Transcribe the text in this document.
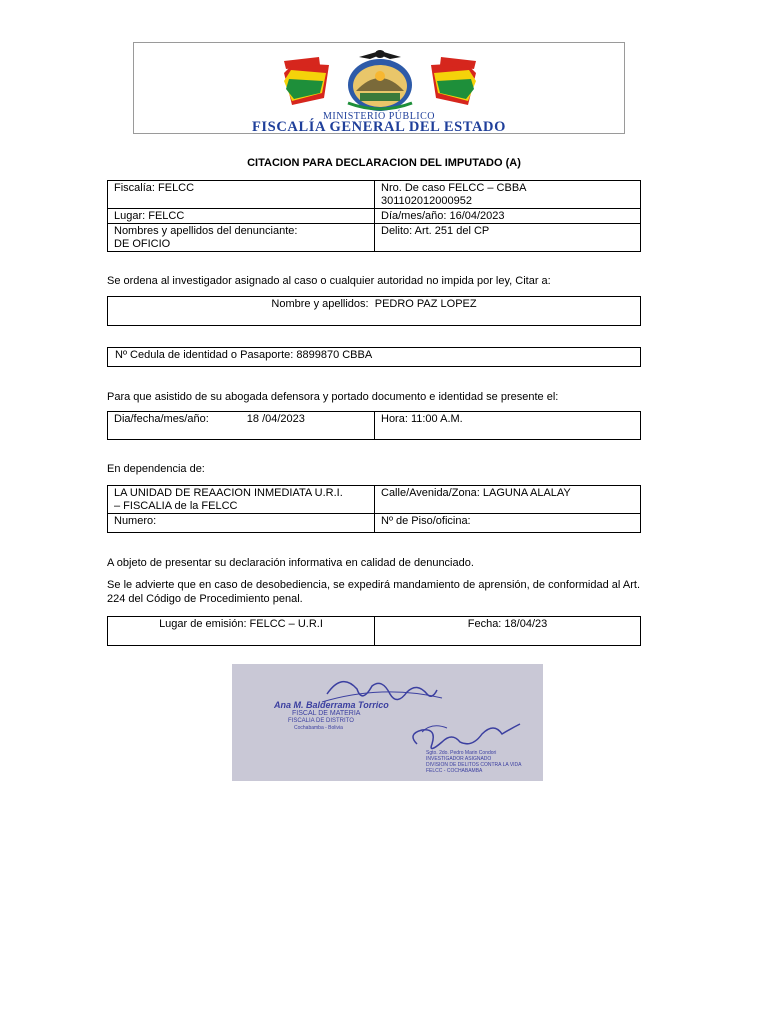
MINISTERIO PÚBLICO
FISCALÍA GENERAL DEL ESTADO
CITACION PARA DECLARACION DEL IMPUTADO (A)
Fiscalía: FELCC	Nro. De caso FELCC – CBBA
301102012000952
Lugar: FELCC	Día/mes/año: 16/04/2023
Nombres y apellidos del denunciante:
DE OFICIO	Delito: Art. 251 del CP
Se ordena al investigador asignado al caso o cualquier autoridad no impida por ley, Citar a:
Nombre y apellidos: PEDRO PAZ LOPEZ
Nº Cedula de identidad o Pasaporte: 8899870 CBBA
Para que asistido de su abogada defensora y portado documento e identidad se presente el:
Dia/fecha/mes/año:	18 /04/2023	Hora: 11:00 A.M.
En dependencia de:
LA UNIDAD DE REAACION INMEDIATA U.R.I.
– FISCALIA de la FELCC	Calle/Avenida/Zona: LAGUNA ALALAY
Numero:	Nº de Piso/oficina:
A objeto de presentar su declaración informativa en calidad de denunciado.
Se le advierte que en caso de desobediencia, se expedirá mandamiento de aprensión, de conformidad al Art. 224 del Código de Procedimiento penal.
Lugar de emisión: FELCC – U.R.I	Fecha: 18/04/23
Ana M. Balderrama Torrico
FISCAL DE MATERIA
FISCALIA DE DISTRITO
Cochabamba - Bolivia
Sgto. 2do. Pedro Marin Condori
INVESTIGADOR ASIGNADO
DIVISION DE DELITOS CONTRA LA VIDA
FELCC - COCHABAMBA
